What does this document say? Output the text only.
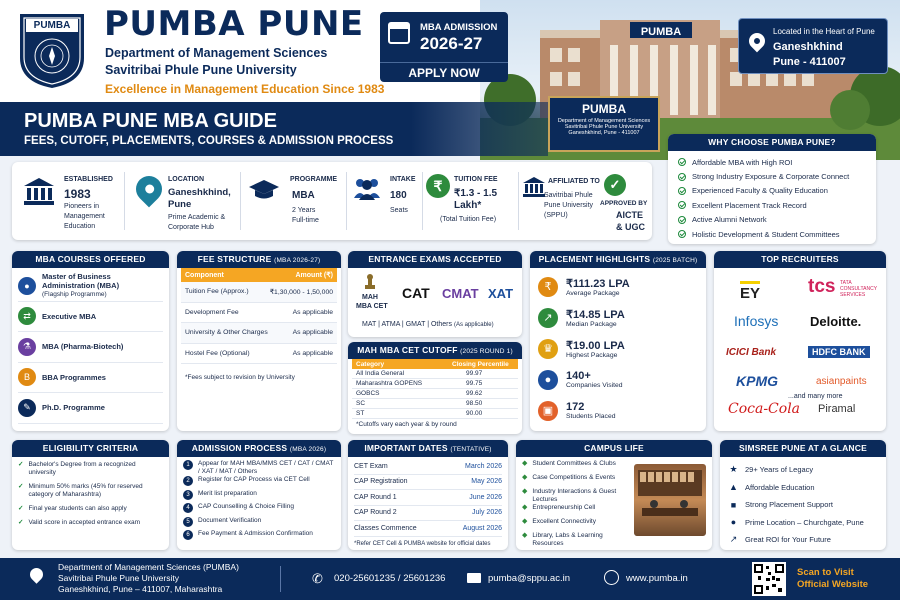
PUMBA
PUMBA
Department of Management Sciences
Savitribai Phule Pune University
Ganeshkhind, Pune - 411007
PUMBA PUMBA PUNE
Department of Management Sciences
Savitribai Phule Pune University
Excellence in Management Education Since 1983
MBA ADMISSION
2026-27
APPLY NOW
Located in the Heart of Pune
Ganeshkhind
Pune - 411007
PUMBA PUNE MBA GUIDE
FEES, CUTOFF, PLACEMENTS, COURSES & ADMISSION PROCESS	WHY CHOOSE PUMBA PUNE?
Affordable MBA with High ROI
Strong Industry Exposure & Corporate Connect
Experienced Faculty & Quality Education
Excellent Placement Track Record
Active Alumni Network
Holistic Development & Student Committees
ESTABLISHED
1983
Pioneers in
Management
Education
LOCATION
Ganeshkhind,
Pune
Prime Academic &
Corporate Hub
PROGRAMME
MBA
2 Years
Full-time
INTAKE
180
Seats
₹	TUITION FEE
₹1.3 - 1.5
Lakh*
(Total Tuition Fee)
AFFILIATED TO
Savitribai Phule
Pune University
(SPPU)
✓
APPROVED BY
AICTE
& UGC
MBA COURSES OFFERED
●
Master of Business Administration (MBA)
(Flagship Programme)
⇄	Executive MBA
⚗	MBA (Pharma-Biotech)
B	BBA Programmes
✎	Ph.D. Programme
FEE STRUCTURE (MBA 2026-27)
Component	Amount (₹)
Tuition Fee (Approx.)	₹1,30,000 - 1,50,000
Development Fee	As applicable
University & Other Charges	As applicable
Hostel Fee (Optional)	As applicable
*Fees subject to revision by University
ENTRANCE EXAMS ACCEPTED
MAH
MBA CET
CAT CMAT XAT
MAT | ATMA | GMAT | Others (As applicable)
MAH MBA CET CUTOFF (2025 ROUND 1)
Category	Closing Percentile
All India General	99.97
Maharashtra GOPENS	99.75
GOBCS	99.62
SC	98.50
ST	90.00
*Cutoffs vary each year & by round
PLACEMENT HIGHLIGHTS (2025 BATCH)
₹	₹111.23 LPA
Average Package
↗	₹14.85 LPA
Median Package
♛	₹19.00 LPA
Highest Package
●	140+
Companies Visited
▣	172
Students Placed
TOP RECRUITERS
EY	tcs TATA
CONSULTANCY
SERVICES
Infosys Deloitte.
ICICI Bank	HDFC BANK
KPMG	asianpaints
Coca-Cola Piramal
...and many more
ELIGIBILITY CRITERIA
✓ Bachelor's Degree from a recognized university
✓ Minimum 50% marks (45% for reserved category of Maharashtra)
✓ Final year students can also apply
✓ Valid score in accepted entrance exam
ADMISSION PROCESS (MBA 2026)
1	Appear for MAH MBA/MMS CET / CAT / CMAT / XAT / MAT / Others
2	Register for CAP Process via CET Cell
3	Merit list preparation
4	CAP Counselling & Choice Filling
5	Document Verification
6	Fee Payment & Admission Confirmation
IMPORTANT DATES (TENTATIVE)
CET Exam	March 2026
CAP Registration	May 2026
CAP Round 1	June 2026
CAP Round 2	July 2026
Classes Commence	August 2026
*Refer CET Cell & PUMBA website for official dates
CAMPUS LIFE
◆ Student Committees & Clubs
◆ Case Competitions & Events
◆ Industry Interactions & Guest Lectures
◆ Entrepreneurship Cell
◆ Excellent Connectivity
◆ Library, Labs & Learning Resources
SIMSREE PUNE AT A GLANCE
★ 29+ Years of Legacy
▲ Affordable Education
■	Strong Placement Support
●	Prime Location – Churchgate, Pune
↗ Great ROI for Your Future
Department of Management Sciences (PUMBA)
Savitribai Phule Pune University
Ganeshkhind, Pune – 411007, Maharashtra
✆ 020-25601235 / 25601236	pumba@sppu.ac.in	www.pumba.in
Scan to Visit
Official Website
